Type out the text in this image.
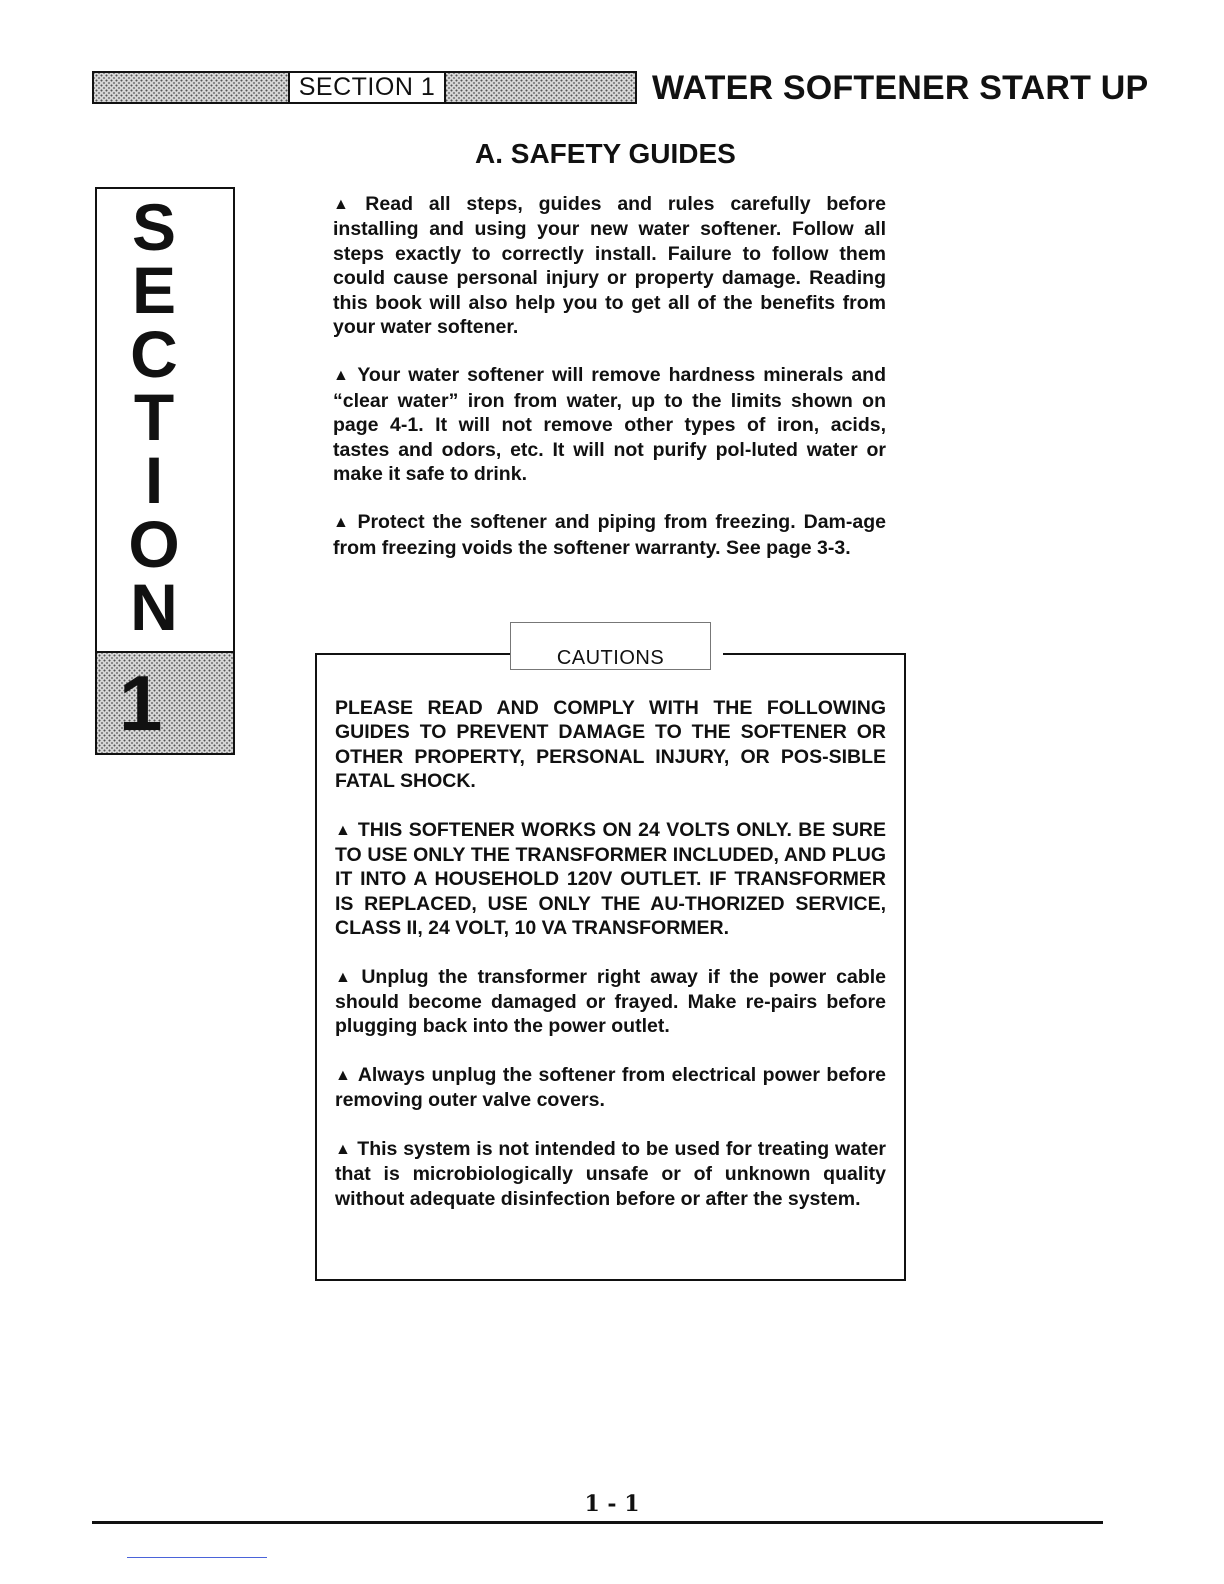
SECTION 1	WATER SOFTENER START UP
A. SAFETY GUIDES
S
E
C
T
I
O
N
1

▲ Read all steps, guides and rules carefully before installing and using your new water softener. Follow all steps exactly to correctly install. Failure to follow them could cause personal injury or property damage. Reading this book will also help you to get all of the benefits from your water softener.

▲ Your water softener will remove hardness minerals and “clear water” iron from water, up to the limits shown on page 4-1. It will not remove other types of iron, acids, tastes and odors, etc. It will not purify pol-luted water or make it safe to drink.

▲ Protect the softener and piping from freezing. Dam-age from freezing voids the softener warranty. See page 3-3.

CAUTIONS

PLEASE READ AND COMPLY WITH THE FOLLOWING GUIDES TO PREVENT DAMAGE TO THE SOFTENER OR OTHER PROPERTY, PERSONAL INJURY, OR POS-SIBLE FATAL SHOCK.

▲ THIS SOFTENER WORKS ON 24 VOLTS ONLY. BE SURE TO USE ONLY THE TRANSFORMER INCLUDED, AND PLUG IT INTO A HOUSEHOLD 120V OUTLET. IF TRANSFORMER IS REPLACED, USE ONLY THE AU-THORIZED SERVICE, CLASS II, 24 VOLT, 10 VA TRANSFORMER.

▲ Unplug the transformer right away if the power cable should become damaged or frayed. Make re-pairs before plugging back into the power outlet.

▲ Always unplug the softener from electrical power before removing outer valve covers.

▲ This system is not intended to be used for treating water that is microbiologically unsafe or of unknown quality without adequate disinfection before or after the system.

1 - 1
